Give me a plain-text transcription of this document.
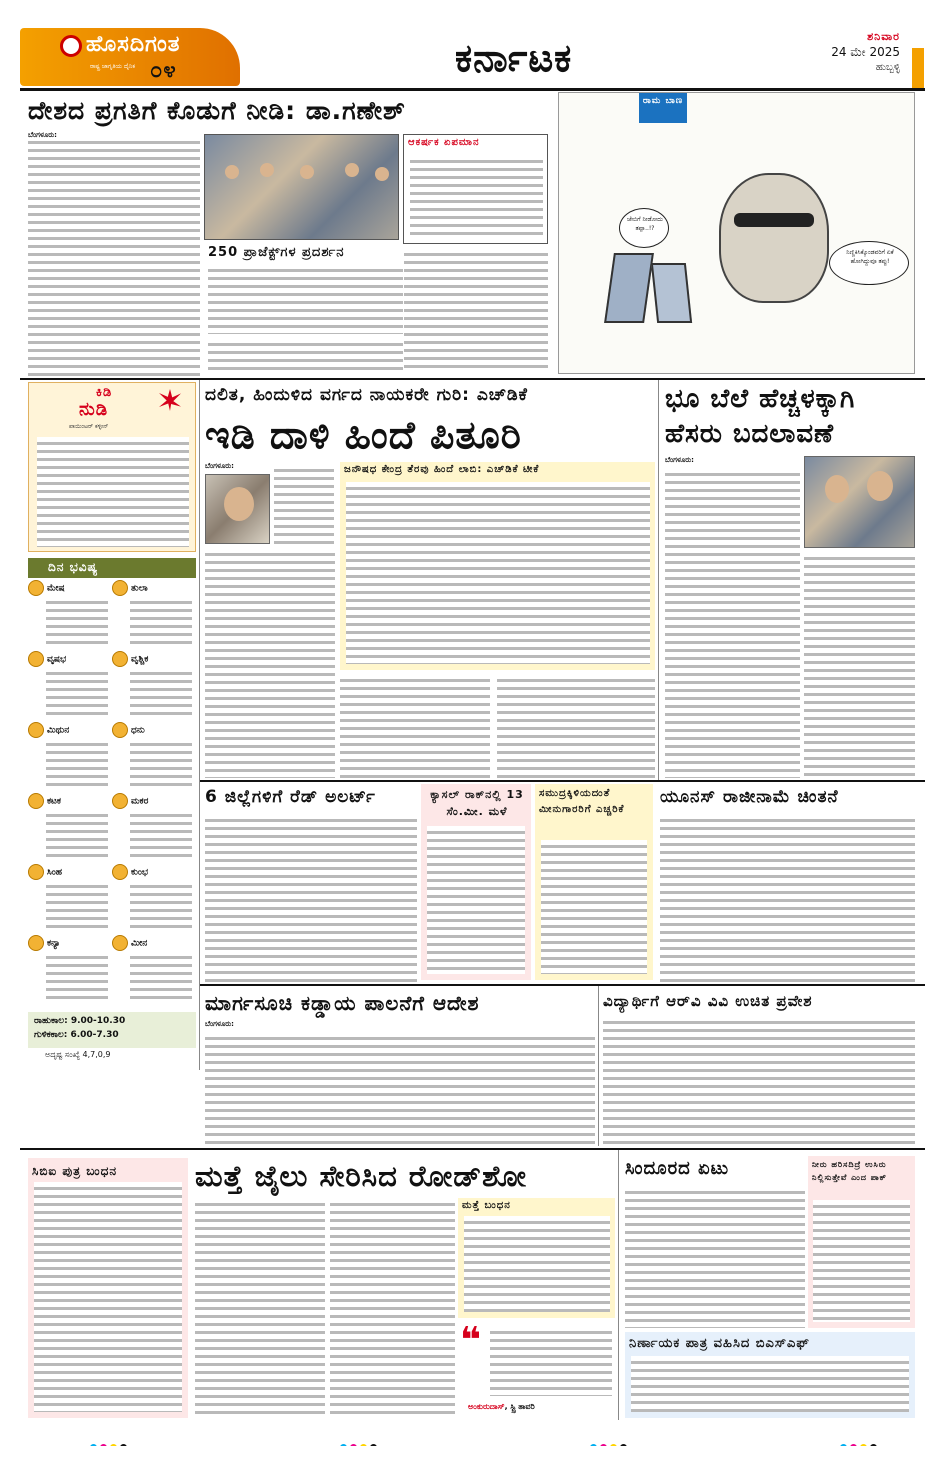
ಹೊಸದಿಗಂತ
ರಾಷ್ಟ್ರ ಜಾಗೃತಿಯ ದೈನಿಕ ೦೪	ಕರ್ನಾಟಕ	ಶನಿವಾರ
24 ಮೇ 2025
ಹುಬ್ಬಳ್ಳಿ
ದೇಶದ ಪ್ರಗತಿಗೆ ಕೊಡುಗೆ ನೀಡಿ: ಡಾ.ಗಣೇಶ್
ಬೆಂಗಳೂರು:
ಆಕರ್ಷಕ ಏಪಮಾನ
250 ಪ್ರಾಜೆಕ್ಟ್‌ಗಳ ಪ್ರದರ್ಶನ
ರಾಮ ಬಾಣ
ಜೇಬಿಗೆ ನೀಡೋದು ತಪ್ಪಾ..!?
ನಿಣ್ಣಿಕಿಸಿಕ್ಕೊಂಡವರಿಗೆ ಏಕೆ ಹೋಗಿದ್ದುವೂ ತಪ್ಪು!
ಕಿಡಿ
ನುಡಿ
ಪಾಯಿಂಟರ್ ಕಳ್ಳೀನ್
ದಿನ ಭವಿಷ್ಯ
ಮೇಷ	ತುಲಾ
ವೃಷಭ	ವೃಶ್ಚಿಕ
ಮಿಥುನ	ಧನು
ಕಟಕ	ಮಕರ
ಸಿಂಹ	ಕುಂಭ
ಕನ್ಯಾ	ಮೀನ
ರಾಹುಕಾಲ: 9.00-10.30
ಗುಳಿಕಕಾಲ: 6.00-7.30
ಅದೃಷ್ಟ ಸಂಖ್ಯೆ 4,7,0,9
ದಲಿತ, ಹಿಂದುಳಿದ ವರ್ಗದ ನಾಯಕರೇ ಗುರಿ: ಎಚ್‌ಡಿಕೆ
ಇಡಿ ದಾಳಿ ಹಿಂದೆ ಪಿತೂರಿ
ಬೆಂಗಳೂರು:	ಜನೌಷಧ ಕೇಂದ್ರ ತೆರವು ಹಿಂದೆ ಲಾಬಿ: ಎಚ್‌ಡಿಕೆ ಟೀಕೆ
ಭೂ ಬೆಲೆ ಹೆಚ್ಚಳಕ್ಕಾಗಿ ಹೆಸರು ಬದಲಾವಣೆ
ಬೆಂಗಳೂರು:
6 ಜಿಲ್ಲೆಗಳಿಗೆ ರೆಡ್ ಅಲರ್ಟ್	ಕ್ಯಾಸಲ್ ರಾಕ್‌ನಲ್ಲಿ 13 ಸೆಂ.ಮೀ. ಮಳೆ
ಸಮುದ್ರಕ್ಕಿಳಿಯದಂತೆ ಮೀನುಗಾರರಿಗೆ ಎಚ್ಚರಿಕೆ
ಯೂನಸ್ ರಾಜೀನಾಮೆ ಚಿಂತನೆ
ಮಾರ್ಗಸೂಚಿ ಕಡ್ಡಾಯ ಪಾಲನೆಗೆ ಆದೇಶ
ಬೆಂಗಳೂರು:
ವಿದ್ಯಾರ್ಥಿಗೆ ಆರ್‌ವಿ ವಿವಿ ಉಚಿತ ಪ್ರವೇಶ
ಸಿಬಿಐ ಪುತ್ರ ಬಂಧನ	ಮತ್ತೆ ಜೈಲು ಸೇರಿಸಿದ ರೋಡ್‌ಶೋ
ಮತ್ತೆ ಬಂಧನ
❝
ಅಂಕುರುದಾಸ್, ಸ್ಟ್ರಿ ತಾವರಿ
ಸಿಂದೂರದ ಏಟು	ನೀರು ಹರಿಸದಿದ್ರೆ ಉಸಿರು ನಿಲ್ಲಿಸುತ್ತೇವೆ ಎಂದ ಪಾಕ್
ನಿರ್ಣಾಯಕ ಪಾತ್ರ ವಹಿಸಿದ ಬಿಎಸ್‌ಎಫ್
